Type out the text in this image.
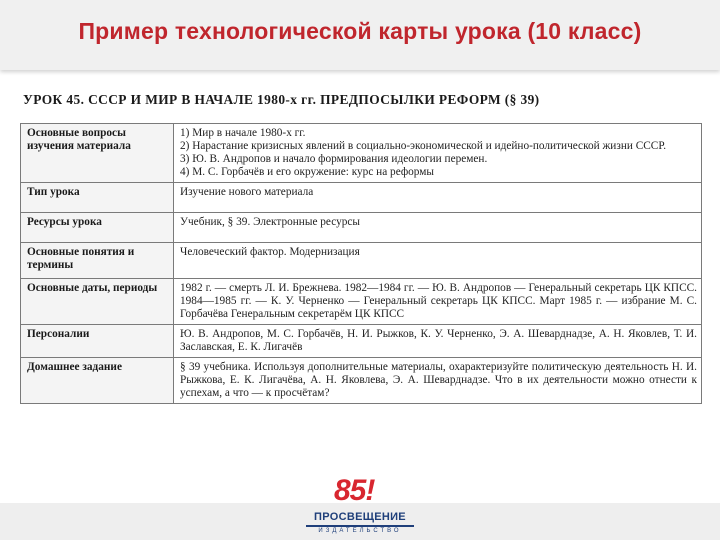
Пример технологической карты урока (10 класс)
УРОК 45. СССР И МИР В НАЧАЛЕ 1980-х гг. ПРЕДПОСЫЛКИ РЕФОРМ (§ 39)
Основные вопросы изучения материала	1) Мир в начале 1980-х гг.
2) Нарастание кризисных явлений в социально-экономической и идейно-политической жизни СССР.
3) Ю. В. Андропов и начало формирования идеологии перемен.
4) М. С. Горбачёв и его окружение: курс на реформы

Тип урока	Изучение нового материала

Ресурсы урока	Учебник, § 39. Электронные ресурсы

Основные понятия и термины	Человеческий фактор. Модернизация

Основные даты, периоды	1982 г. — смерть Л. И. Брежнева. 1982—1984 гг. — Ю. В. Андропов — Генеральный секретарь ЦК КПСС. 1984—1985 гг. — К. У. Черненко — Генеральный секретарь ЦК КПСС. Март 1985 г. — избрание М. С. Горбачёва Генеральным секретарём ЦК КПСС

Персоналии	Ю. В. Андропов, М. С. Горбачёв, Н. И. Рыжков, К. У. Черненко, Э. А. Шеварднадзе, А. Н. Яковлев, Т. И. Заславская, Е. К. Лигачёв

Домашнее задание	§ 39 учебника. Используя дополнительные материалы, охарактеризуйте политическую деятельность Н. И. Рыжкова, Е. К. Лигачёва, А. Н. Яковлева, Э. А. Шеварднадзе. Что в их деятельности можно отнести к успехам, а что — к просчётам?
85!
ПРОСВЕЩЕНИЕ
ИЗДАТЕЛЬСТВО
